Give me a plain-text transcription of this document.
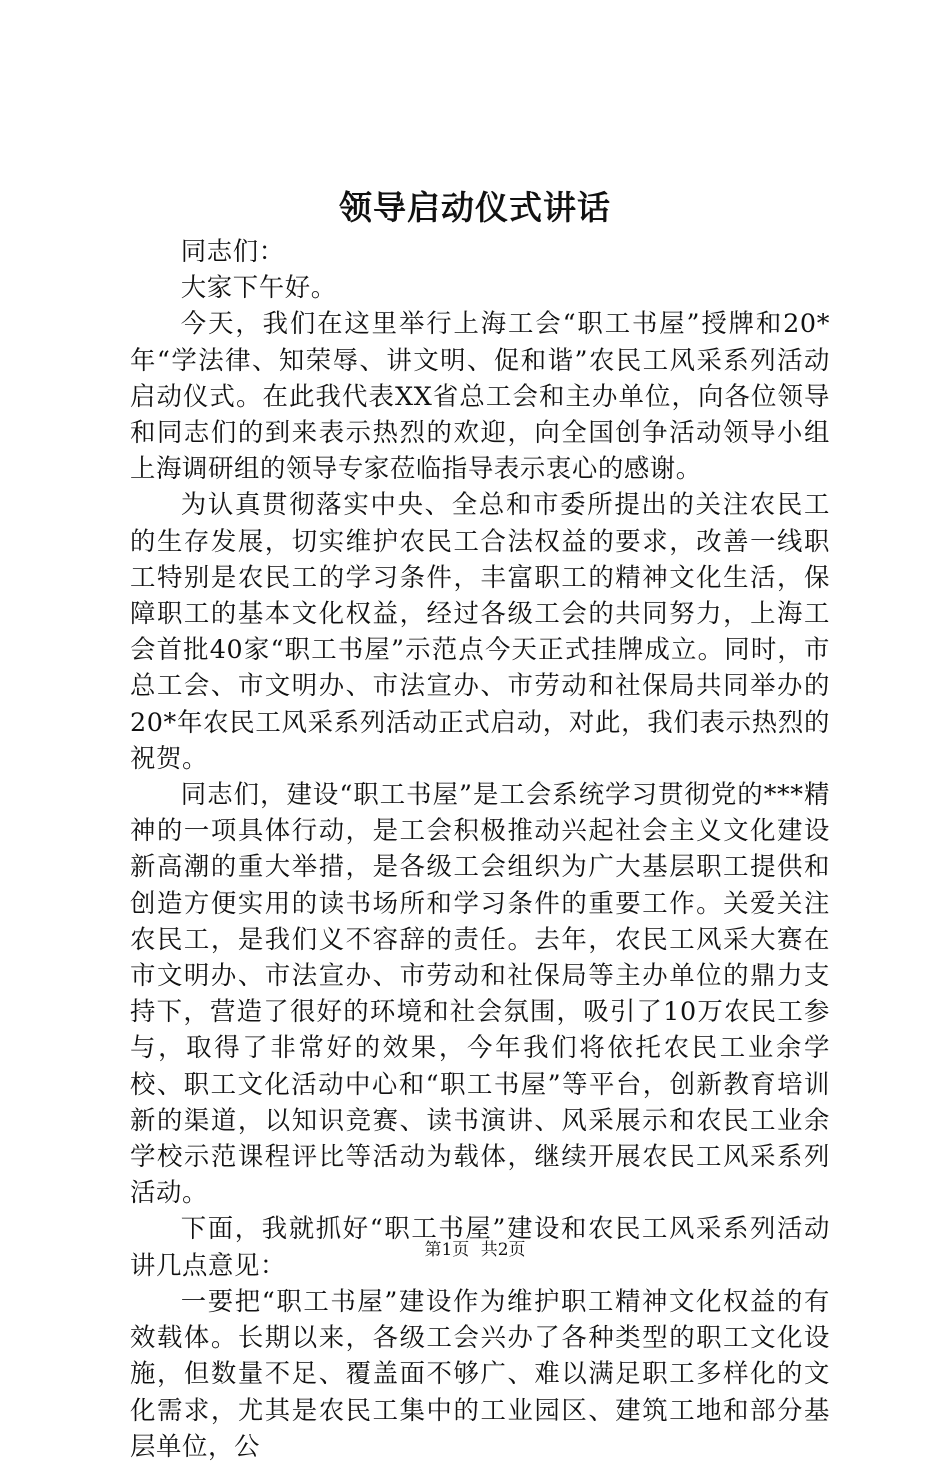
领导启动仪式讲话

同志们：

大家下午好。

今天，我们在这里举行上海工会“职工书屋”授牌和20*年“学法律、知荣辱、讲文明、促和谐”农民工风采系列活动启动仪式。在此我代表XX省总工会和主办单位，向各位领导和同志们的到来表示热烈的欢迎，向全国创争活动领导小组上海调研组的领导专家莅临指导表示衷心的感谢。

为认真贯彻落实中央、全总和市委所提出的关注农民工的生存发展，切实维护农民工合法权益的要求，改善一线职工特别是农民工的学习条件，丰富职工的精神文化生活，保障职工的基本文化权益，经过各级工会的共同努力，上海工会首批40家“职工书屋”示范点今天正式挂牌成立。同时，市总工会、市文明办、市法宣办、市劳动和社保局共同举办的20*年农民工风采系列活动正式启动，对此，我们表示热烈的祝贺。

同志们，建设“职工书屋”是工会系统学习贯彻党的***精神的一项具体行动，是工会积极推动兴起社会主义文化建设新高潮的重大举措，是各级工会组织为广大基层职工提供和创造方便实用的读书场所和学习条件的重要工作。关爱关注农民工，是我们义不容辞的责任。去年，农民工风采大赛在市文明办、市法宣办、市劳动和社保局等主办单位的鼎力支持下，营造了很好的环境和社会氛围，吸引了10万农民工参与，取得了非常好的效果，今年我们将依托农民工业余学校、职工文化活动中心和“职工书屋”等平台，创新教育培训新的渠道，以知识竞赛、读书演讲、风采展示和农民工业余学校示范课程评比等活动为载体，继续开展农民工风采系列活动。

下面，我就抓好“职工书屋”建设和农民工风采系列活动讲几点意见：

一要把“职工书屋”建设作为维护职工精神文化权益的有效载体。长期以来，各级工会兴办了各种类型的职工文化设施，但数量不足、覆盖面不够广、难以满足职工多样化的文化需求，尤其是农民工集中的工业园区、建筑工地和部分基层单位，公

第1页 共2页
